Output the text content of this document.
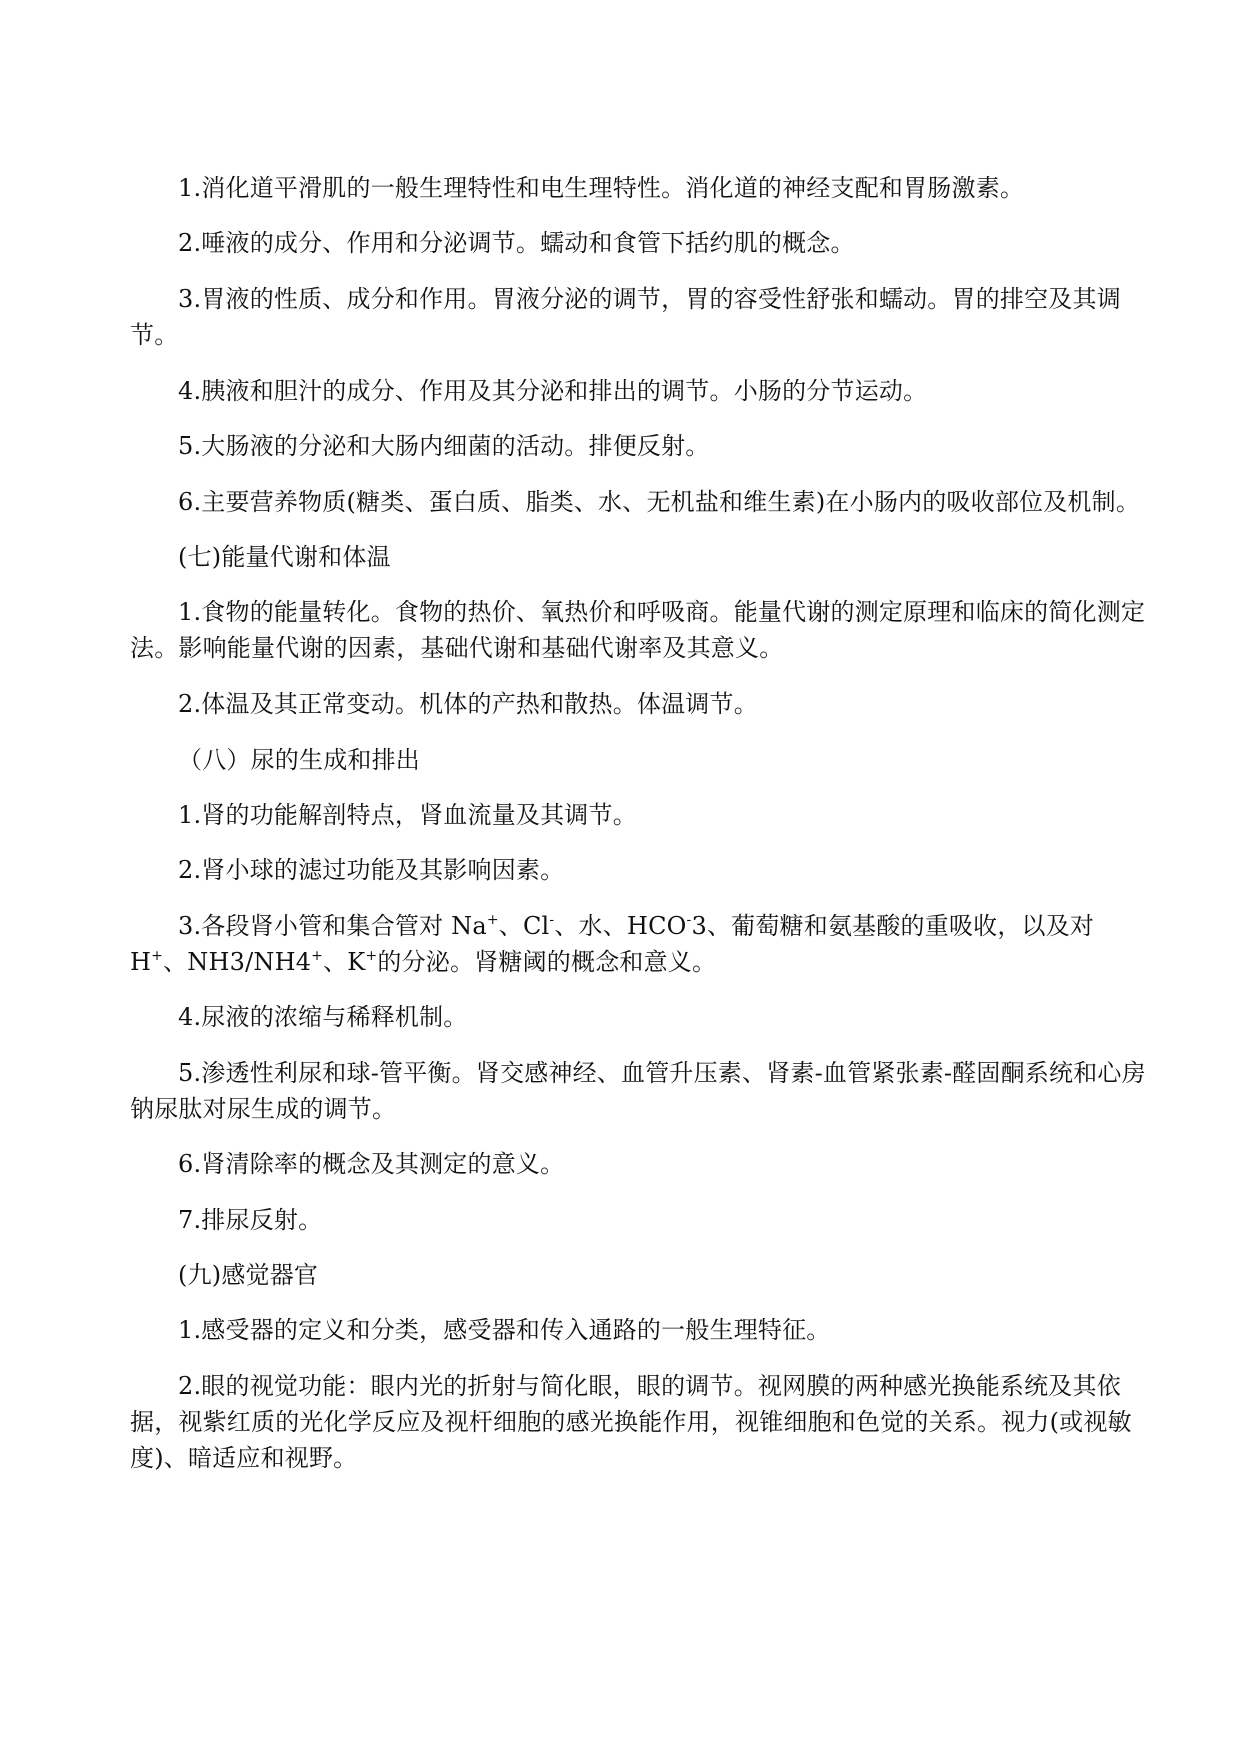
1.消化道平滑肌的一般生理特性和电生理特性。消化道的神经支配和胃肠激素。

2.唾液的成分、作用和分泌调节。蠕动和食管下括约肌的概念。

3.胃液的性质、成分和作用。胃液分泌的调节，胃的容受性舒张和蠕动。胃的排空及其调节。

4.胰液和胆汁的成分、作用及其分泌和排出的调节。小肠的分节运动。

5.大肠液的分泌和大肠内细菌的活动。排便反射。

6.主要营养物质(糖类、蛋白质、脂类、水、无机盐和维生素)在小肠内的吸收部位及机制。

(七)能量代谢和体温

1.食物的能量转化。食物的热价、氧热价和呼吸商。能量代谢的测定原理和临床的简化测定法。影响能量代谢的因素，基础代谢和基础代谢率及其意义。

2.体温及其正常变动。机体的产热和散热。体温调节。

（八）尿的生成和排出

1.肾的功能解剖特点，肾血流量及其调节。

2.肾小球的滤过功能及其影响因素。

3.各段肾小管和集合管对 Na+、Cl-、水、HCO-3、葡萄糖和氨基酸的重吸收，以及对 H+、NH3/NH4+、K+的分泌。肾糖阈的概念和意义。

4.尿液的浓缩与稀释机制。

5.渗透性利尿和球-管平衡。肾交感神经、血管升压素、肾素-血管紧张素-醛固酮系统和心房钠尿肽对尿生成的调节。

6.肾清除率的概念及其测定的意义。

7.排尿反射。

(九)感觉器官

1.感受器的定义和分类，感受器和传入通路的一般生理特征。

2.眼的视觉功能：眼内光的折射与简化眼，眼的调节。视网膜的两种感光换能系统及其依据，视紫红质的光化学反应及视杆细胞的感光换能作用，视锥细胞和色觉的关系。视力(或视敏度)、暗适应和视野。
